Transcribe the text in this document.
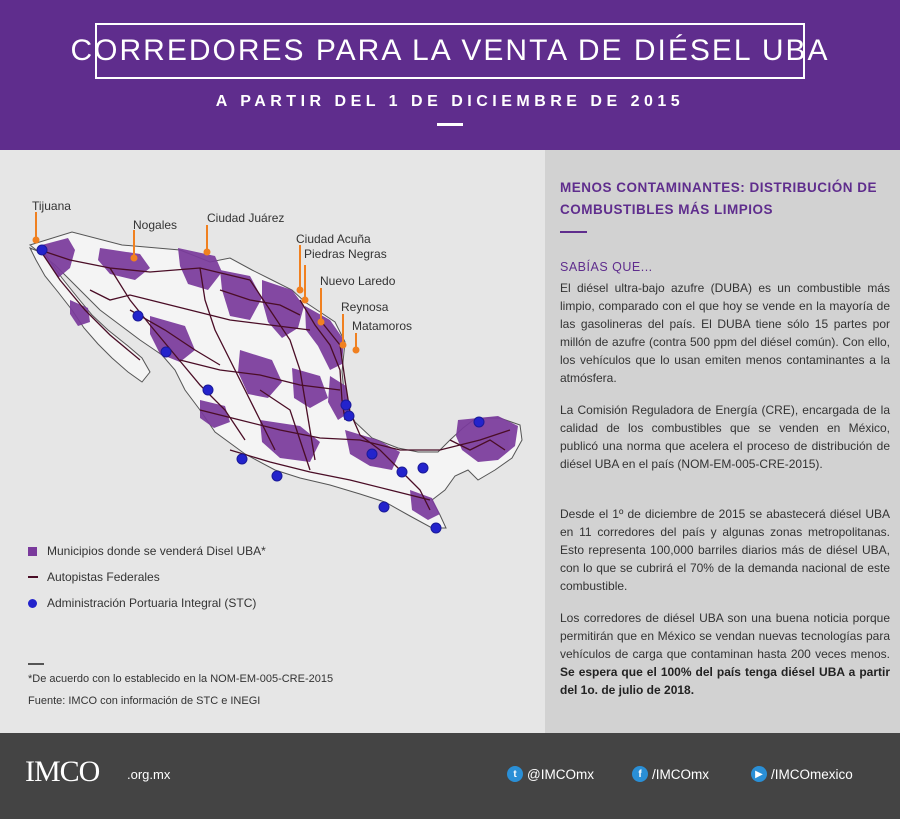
CORREDORES PARA LA VENTA DE DIÉSEL UBA
A PARTIR DEL 1 DE DICIEMBRE DE 2015
Tijuana
Nogales Ciudad Juárez
Ciudad Acuña
Piedras Negras
Nuevo Laredo
Reynosa
Matamoros
Municipios donde se venderá Disel UBA*
Autopistas Federales
Administración Portuaria Integral (STC)
*De acuerdo con lo establecido en la NOM-EM-005-CRE-2015
Fuente: IMCO con información de STC e INEGI
MENOS CONTAMINANTES: DISTRIBUCIÓN DE COMBUSTIBLES MÁS LIMPIOS
SABÍAS QUE...
El diésel ultra-bajo azufre (DUBA) es un combustible más limpio, comparado con el que hoy se vende en la mayoría de las gasolineras del país. El DUBA tiene sólo 15 partes por millón de azufre (contra 500 ppm del diésel común). Con ello, los vehículos que lo usan emiten menos contaminantes a la atmósfera.
La Comisión Reguladora de Energía (CRE), encargada de la calidad de los combustibles que se venden en México, publicó una norma que acelera el proceso de distribución de diésel UBA en el país (NOM-EM-005-CRE-2015).
Desde el 1º de diciembre de 2015 se abastecerá diésel UBA en 11 corredores del país y algunas zonas metropolitanas. Esto representa 100,000 barriles diarios más de diésel UBA, con lo que se cubrirá el 70% de la demanda nacional de este combustible.
Los corredores de diésel UBA son una buena noticia porque permitirán que en México se vendan nuevas tecnologías para vehículos de carga que contaminan hasta 200 veces menos. Se espera que el 100% del país tenga diésel UBA a partir del 1o. de julio de 2018.
IMCO .org.mx	t @IMCOmx	f /IMCOmx	▶ /IMCOmexico
